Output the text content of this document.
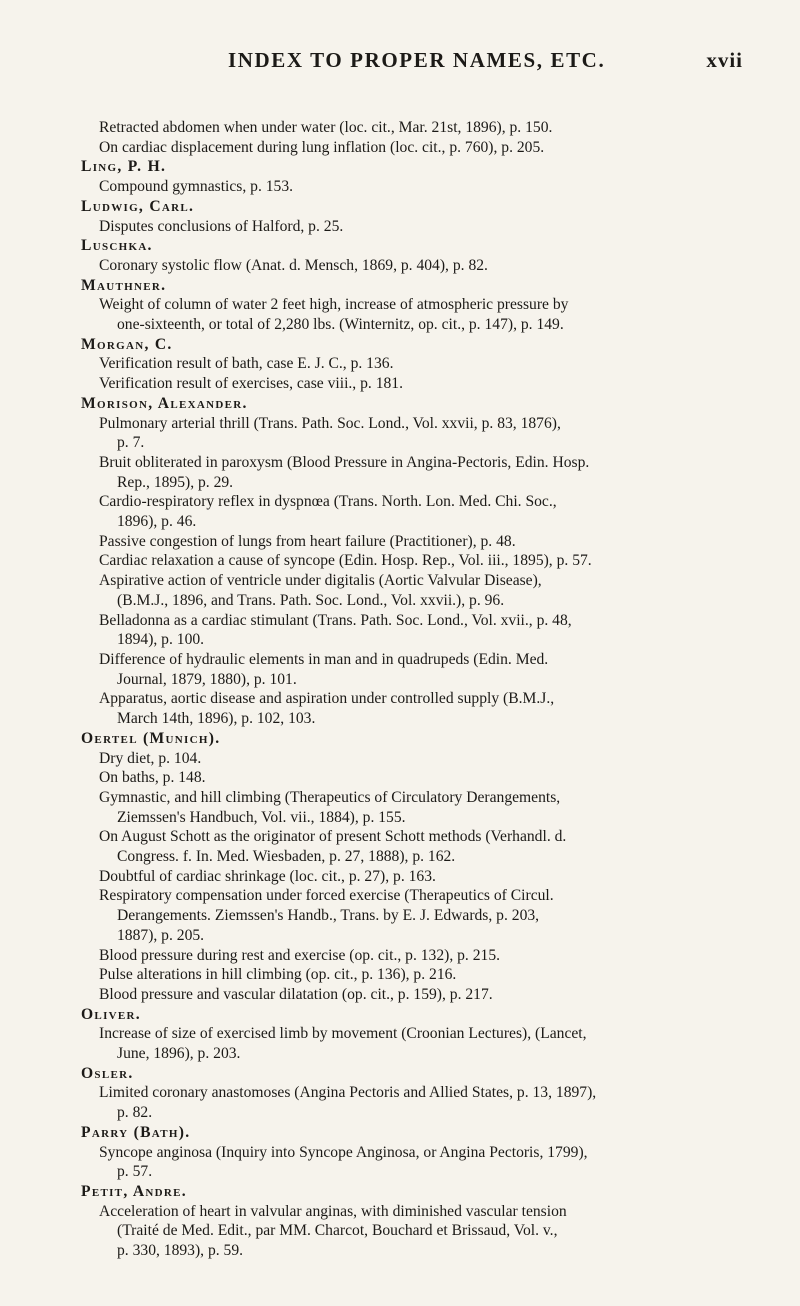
INDEX TO PROPER NAMES, ETC.	xvii
Retracted abdomen when under water (loc. cit., Mar. 21st, 1896), p. 150.
On cardiac displacement during lung inflation (loc. cit., p. 760), p. 205.
Ling, P. H.
Compound gymnastics, p. 153.
Ludwig, Carl.
Disputes conclusions of Halford, p. 25.
Luschka.
Coronary systolic flow (Anat. d. Mensch, 1869, p. 404), p. 82.
Mauthner.
Weight of column of water 2 feet high, increase of atmospheric pressure by
one-sixteenth, or total of 2,280 lbs. (Winternitz, op. cit., p. 147), p. 149.
Morgan, C.
Verification result of bath, case E. J. C., p. 136.
Verification result of exercises, case viii., p. 181.
Morison, Alexander.
Pulmonary arterial thrill (Trans. Path. Soc. Lond., Vol. xxvii, p. 83, 1876),
p. 7.
Bruit obliterated in paroxysm (Blood Pressure in Angina-Pectoris, Edin. Hosp.
Rep., 1895), p. 29.
Cardio-respiratory reflex in dyspnœa (Trans. North. Lon. Med. Chi. Soc.,
1896), p. 46.
Passive congestion of lungs from heart failure (Practitioner), p. 48.
Cardiac relaxation a cause of syncope (Edin. Hosp. Rep., Vol. iii., 1895), p. 57.
Aspirative action of ventricle under digitalis (Aortic Valvular Disease),
(B.M.J., 1896, and Trans. Path. Soc. Lond., Vol. xxvii.), p. 96.
Belladonna as a cardiac stimulant (Trans. Path. Soc. Lond., Vol. xvii., p. 48,
1894), p. 100.
Difference of hydraulic elements in man and in quadrupeds (Edin. Med.
Journal, 1879, 1880), p. 101.
Apparatus, aortic disease and aspiration under controlled supply (B.M.J.,
March 14th, 1896), p. 102, 103.
Oertel (Munich).
Dry diet, p. 104.
On baths, p. 148.
Gymnastic, and hill climbing (Therapeutics of Circulatory Derangements,
Ziemssen's Handbuch, Vol. vii., 1884), p. 155.
On August Schott as the originator of present Schott methods (Verhandl. d.
Congress. f. In. Med. Wiesbaden, p. 27, 1888), p. 162.
Doubtful of cardiac shrinkage (loc. cit., p. 27), p. 163.
Respiratory compensation under forced exercise (Therapeutics of Circul.
Derangements. Ziemssen's Handb., Trans. by E. J. Edwards, p. 203,
1887), p. 205.
Blood pressure during rest and exercise (op. cit., p. 132), p. 215.
Pulse alterations in hill climbing (op. cit., p. 136), p. 216.
Blood pressure and vascular dilatation (op. cit., p. 159), p. 217.
Oliver.
Increase of size of exercised limb by movement (Croonian Lectures), (Lancet,
June, 1896), p. 203.
Osler.
Limited coronary anastomoses (Angina Pectoris and Allied States, p. 13, 1897),
p. 82.
Parry (Bath).
Syncope anginosa (Inquiry into Syncope Anginosa, or Angina Pectoris, 1799),
p. 57.
Petit, Andre.
Acceleration of heart in valvular anginas, with diminished vascular tension
(Traité de Med. Edit., par MM. Charcot, Bouchard et Brissaud, Vol. v.,
p. 330, 1893), p. 59.
